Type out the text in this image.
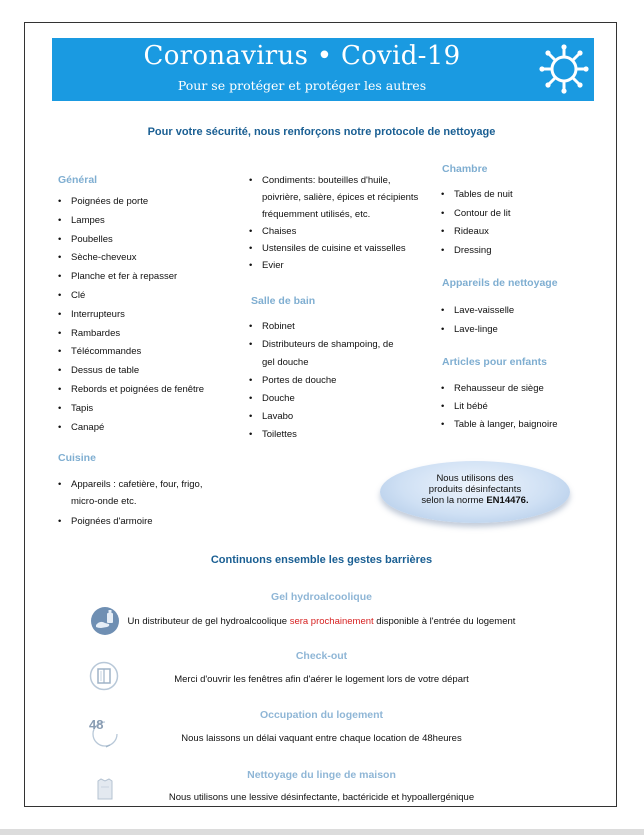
Coronavirus • Covid-19
Pour se protéger et protéger les autres
Pour votre sécurité, nous renforçons notre protocole de nettoyage
Général
• Poignées de porte
• Lampes
• Poubelles
• Sèche-cheveux
• Planche et fer à repasser
• Clé
• Interrupteurs
• Rambardes
• Télécommandes
• Dessus de table
• Rebords et poignées de fenêtre
• Tapis
• Canapé
Cuisine
• Appareils : cafetière, four, frigo,
micro-onde etc.
• Poignées d'armoire
• Condiments: bouteilles d'huile,
poivrière, salière, épices et récipients
fréquemment utilisés, etc.
• Chaises
• Ustensiles de cuisine et vaisselles
• Evier
Salle de bain
• Robinet
• Distributeurs de shampoing, de
gel douche
• Portes de douche
• Douche
• Lavabo
• Toilettes
Chambre
• Tables de nuit
• Contour de lit
• Rideaux
• Dressing
Appareils de nettoyage
• Lave-vaisselle
• Lave-linge
Articles pour enfants
• Rehausseur de siège
• Lit bébé
• Table à langer, baignoire
Nous utilisons des
produits désinfectants
selon la norme EN14476.
Continuons ensemble les gestes barrières
Gel hydroalcoolique
Un distributeur de gel hydroalcoolique sera prochainement disponible à l'entrée du logement
Check-out
Merci d'ouvrir les fenêtres afin d'aérer le logement lors de votre départ
Occupation du logement
48
Nous laissons un délai vaquant entre chaque location de 48heures
Nettoyage du linge de maison
Nous utilisons une lessive désinfectante, bactéricide et hypoallergénique
